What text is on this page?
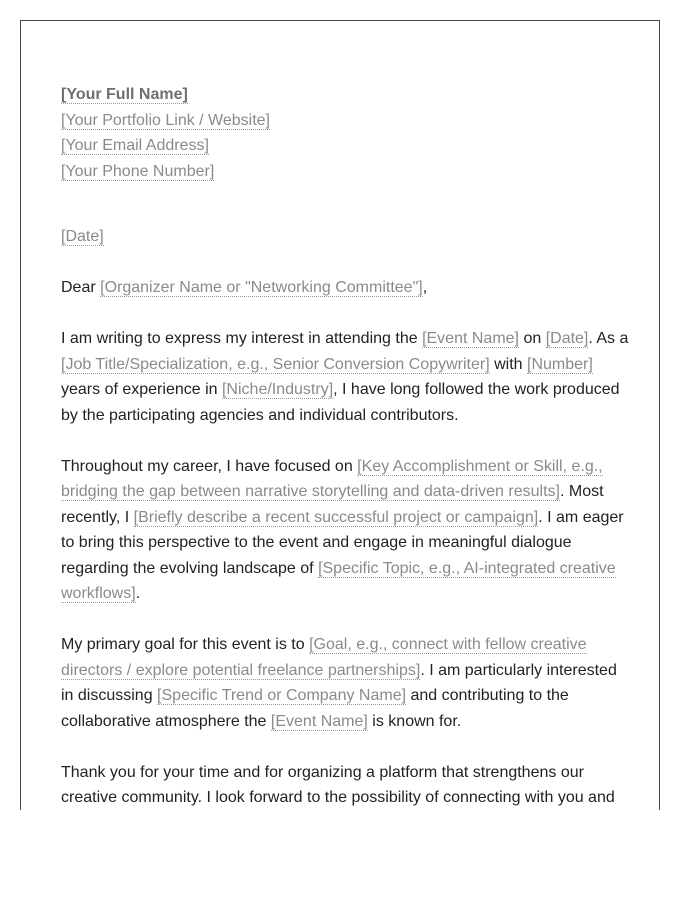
[Your Full Name]
[Your Portfolio Link / Website]
[Your Email Address]
[Your Phone Number]
[Date]

Dear [Organizer Name or "Networking Committee"],

I am writing to express my interest in attending the [Event Name] on [Date]. As a [Job Title/Specialization, e.g., Senior Conversion Copywriter] with [Number] years of experience in [Niche/Industry], I have long followed the work produced by the participating agencies and individual contributors.

Throughout my career, I have focused on [Key Accomplishment or Skill, e.g., bridging the gap between narrative storytelling and data-driven results]. Most recently, I [Briefly describe a recent successful project or campaign]. I am eager to bring this perspective to the event and engage in meaningful dialogue regarding the evolving landscape of [Specific Topic, e.g., AI-integrated creative workflows].

My primary goal for this event is to [Goal, e.g., connect with fellow creative directors / explore potential freelance partnerships]. I am particularly interested in discussing [Specific Trend or Company Name] and contributing to the collaborative atmosphere the [Event Name] is known for.

Thank you for your time and for organizing a platform that strengthens our creative community. I look forward to the possibility of connecting with you and
